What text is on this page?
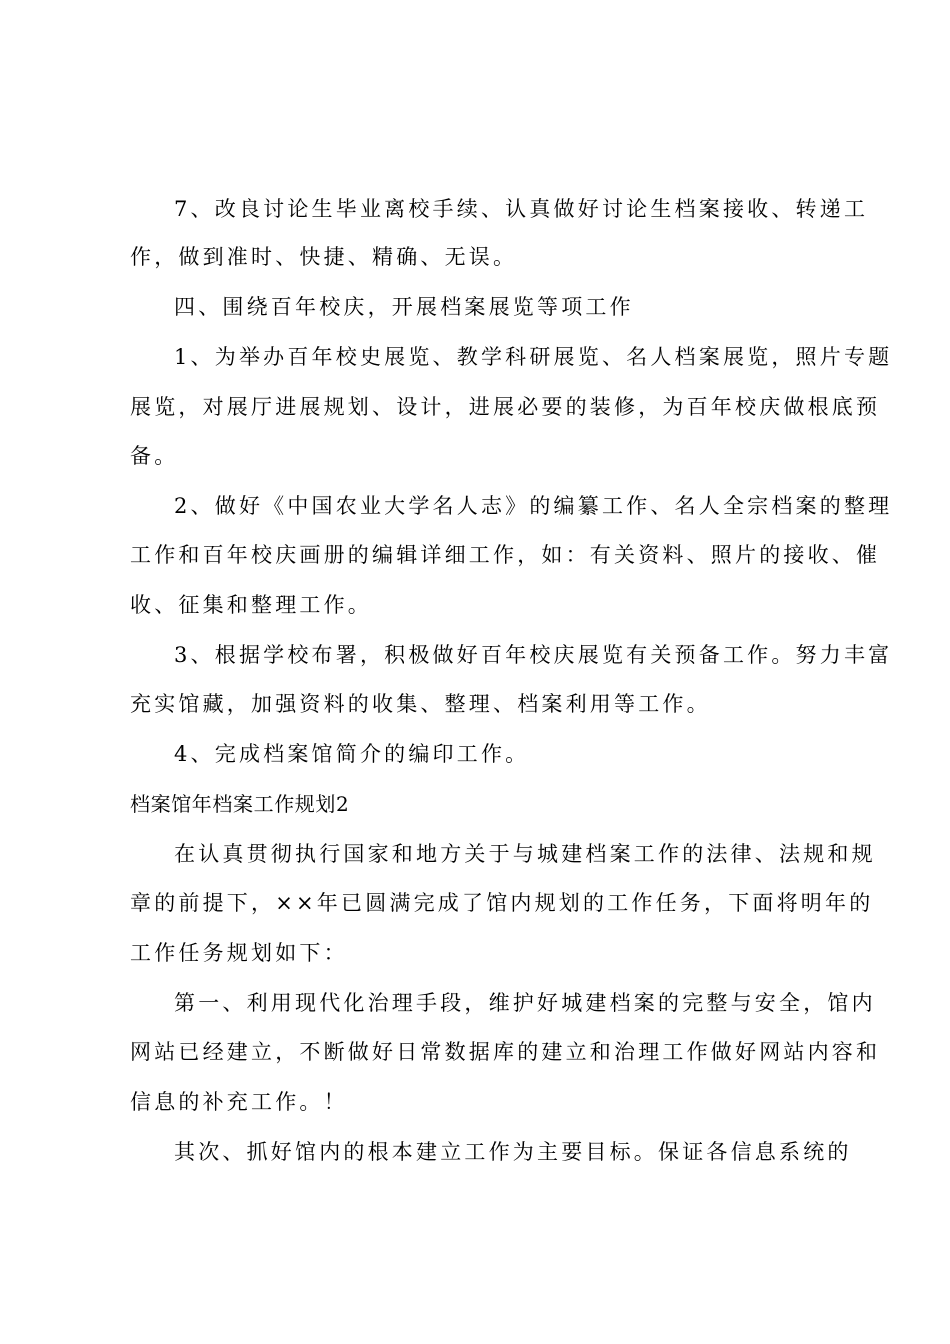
7、改良讨论生毕业离校手续、认真做好讨论生档案接收、转递工
作，做到准时、快捷、精确、无误。
四、围绕百年校庆，开展档案展览等项工作
1、为举办百年校史展览、教学科研展览、名人档案展览，照片专题
展览，对展厅进展规划、设计，进展必要的装修，为百年校庆做根底预
备。
2、做好《中国农业大学名人志》的编纂工作、名人全宗档案的整理
工作和百年校庆画册的编辑详细工作，如：有关资料、照片的接收、催
收、征集和整理工作。
3、根据学校布署，积极做好百年校庆展览有关预备工作。努力丰富
充实馆藏，加强资料的收集、整理、档案利用等工作。
4、完成档案馆简介的编印工作。
档案馆年档案工作规划2
在认真贯彻执行国家和地方关于与城建档案工作的法律、法规和规
章的前提下，××年已圆满完成了馆内规划的工作任务，下面将明年的
工作任务规划如下：
第一、利用现代化治理手段，维护好城建档案的完整与安全，馆内
网站已经建立，不断做好日常数据库的建立和治理工作做好网站内容和
信息的补充工作。！
其次、抓好馆内的根本建立工作为主要目标。保证各信息系统的
